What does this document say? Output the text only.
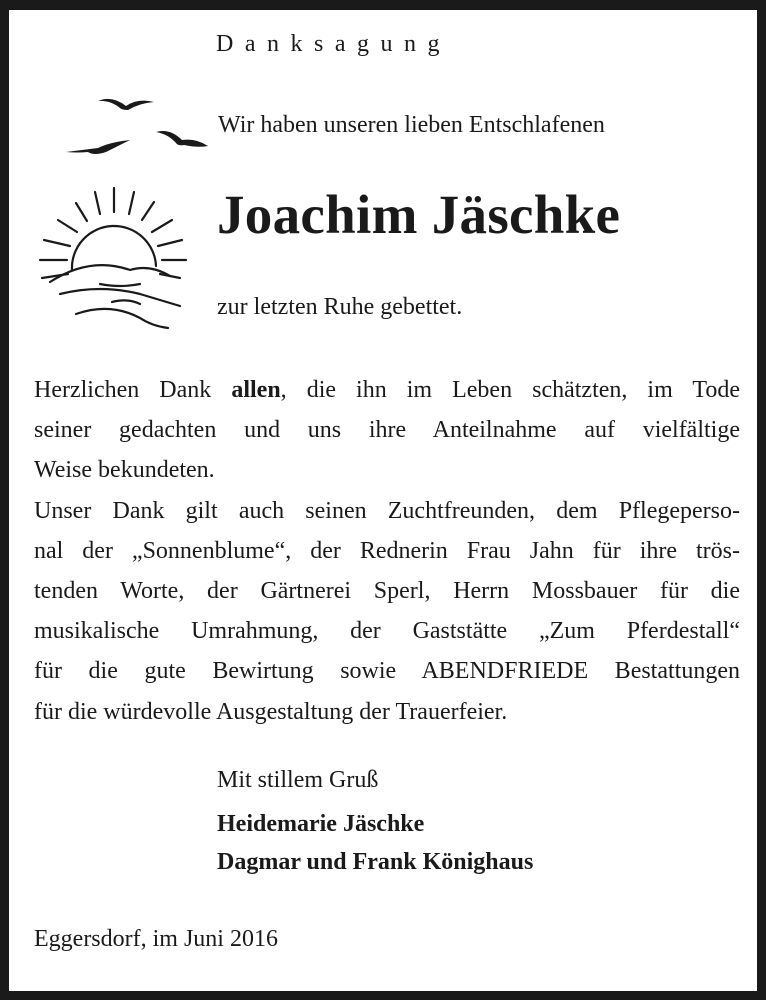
Danksagung
Wir haben unseren lieben Entschlafenen
Joachim Jäschke
zur letzten Ruhe gebettet.
Herzlichen Dank allen, die ihn im Leben schätzten, im Tode
seiner gedachten und uns ihre Anteilnahme auf vielfältige
Weise bekundeten.
Unser Dank gilt auch seinen Zuchtfreunden, dem Pflegeperso-
nal der „Sonnenblume“, der Rednerin Frau Jahn für ihre trös-
tenden Worte, der Gärtnerei Sperl, Herrn Mossbauer für die
musikalische Umrahmung, der Gaststätte „Zum Pferdestall“
für die gute Bewirtung sowie ABENDFRIEDE Bestattungen
für die würdevolle Ausgestaltung der Trauerfeier.
Mit stillem Gruß
Heidemarie Jäschke
Dagmar und Frank Könighaus
Eggersdorf, im Juni 2016
